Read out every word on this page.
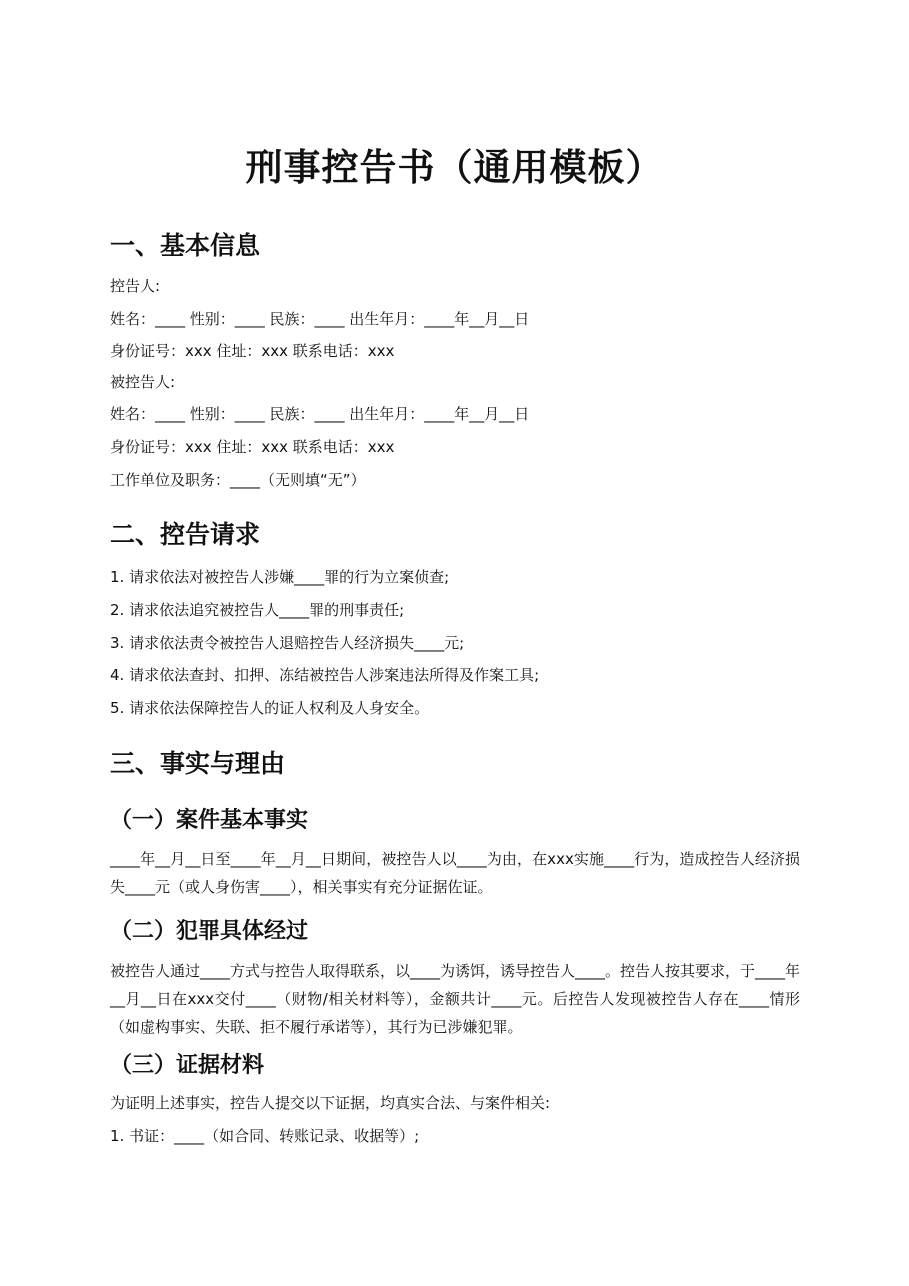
刑事控告书（通用模板）
一、基本信息

控告人:

姓名：____ 性别：____ 民族：____ 出生年月：____年__月__日

身份证号：xxx 住址：xxx 联系电话：xxx

被控告人:

姓名：____ 性别：____ 民族：____ 出生年月：____年__月__日

身份证号：xxx 住址：xxx 联系电话：xxx

工作单位及职务：____（无则填“无”）

二、控告请求

1. 请求依法对被控告人涉嫌____罪的行为立案侦查;

2. 请求依法追究被控告人____罪的刑事责任;

3. 请求依法责令被控告人退赔控告人经济损失____元;

4. 请求依法查封、扣押、冻结被控告人涉案违法所得及作案工具;

5. 请求依法保障控告人的证人权利及人身安全。

三、事实与理由
（一）案件基本事实

____年__月__日至____年__月__日期间，被控告人以____为由，在xxx实施____行为，造成控告人经济损失____元（或人身伤害____），相关事实有充分证据佐证。

（二）犯罪具体经过

被控告人通过____方式与控告人取得联系，以____为诱饵，诱导控告人____。控告人按其要求，于____年__月__日在xxx交付____（财物/相关材料等），金额共计____元。后控告人发现被控告人存在____情形（如虚构事实、失联、拒不履行承诺等），其行为已涉嫌犯罪。

（三）证据材料

为证明上述事实，控告人提交以下证据，均真实合法、与案件相关:

1. 书证：____（如合同、转账记录、收据等）;
